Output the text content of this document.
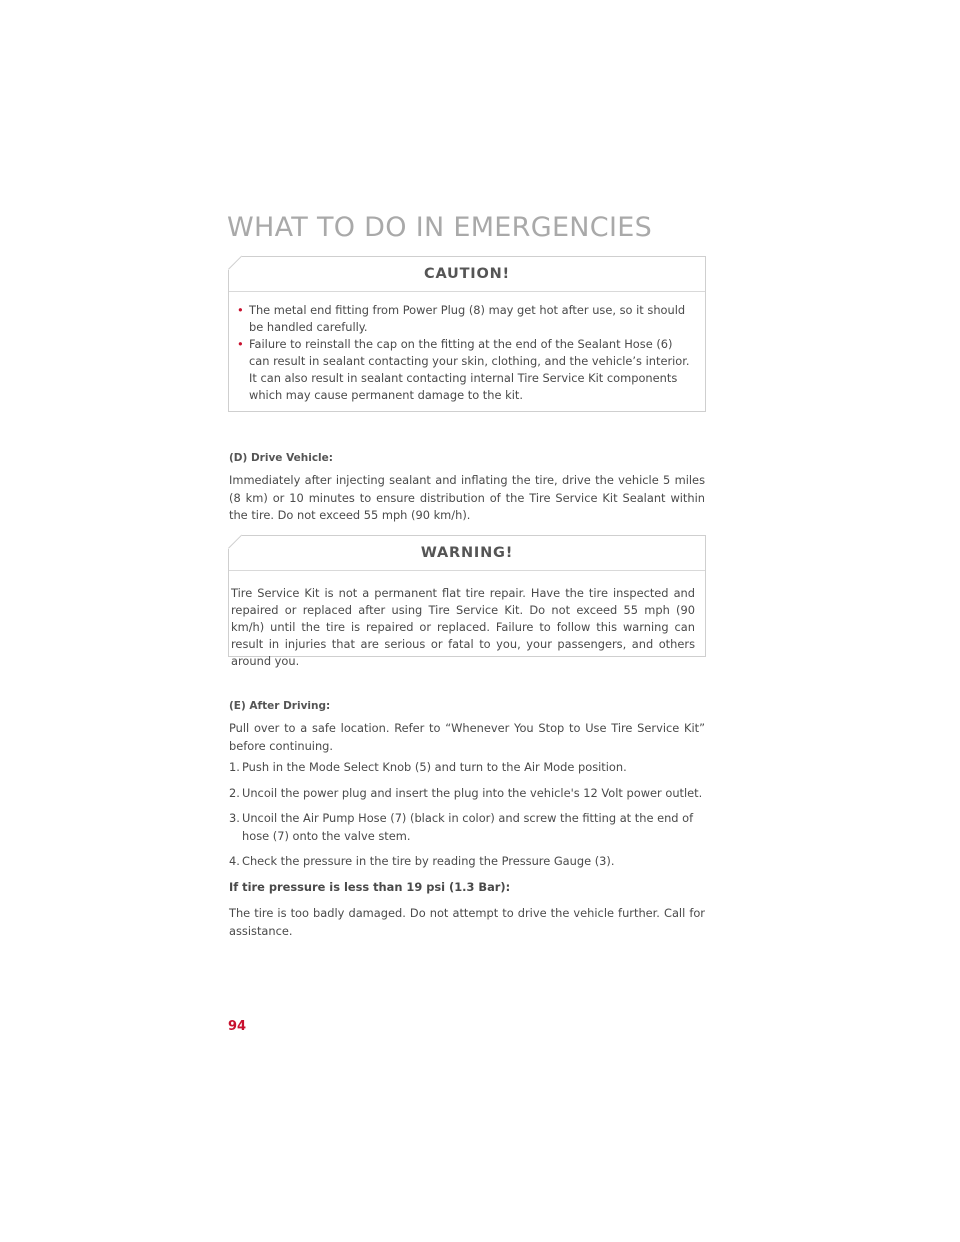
WHAT TO DO IN EMERGENCIES
CAUTION!
• The metal end fitting from Power Plug (8) may get hot after use, so it should be handled carefully.
• Failure to reinstall the cap on the fitting at the end of the Sealant Hose (6) can result in sealant contacting your skin, clothing, and the vehicle’s interior. It can also result in sealant contacting internal Tire Service Kit components which may cause permanent damage to the kit.
(D) Drive Vehicle:
Immediately after injecting sealant and inflating the tire, drive the vehicle 5 miles (8 km) or 10 minutes to ensure distribution of the Tire Service Kit Sealant within the tire. Do not exceed 55 mph (90 km/h).
WARNING!
Tire Service Kit is not a permanent flat tire repair. Have the tire inspected and repaired or replaced after using Tire Service Kit. Do not exceed 55 mph (90 km/h) until the tire is repaired or replaced. Failure to follow this warning can result in injuries that are serious or fatal to you, your passengers, and others around you.
(E) After Driving:
Pull over to a safe location. Refer to “Whenever You Stop to Use Tire Service Kit” before continuing.
1. Push in the Mode Select Knob (5) and turn to the Air Mode position.
2. Uncoil the power plug and insert the plug into the vehicle's 12 Volt power outlet.
3. Uncoil the Air Pump Hose (7) (black in color) and screw the fitting at the end of hose (7) onto the valve stem.
4. Check the pressure in the tire by reading the Pressure Gauge (3).
If tire pressure is less than 19 psi (1.3 Bar):
The tire is too badly damaged. Do not attempt to drive the vehicle further. Call for assistance.
94
